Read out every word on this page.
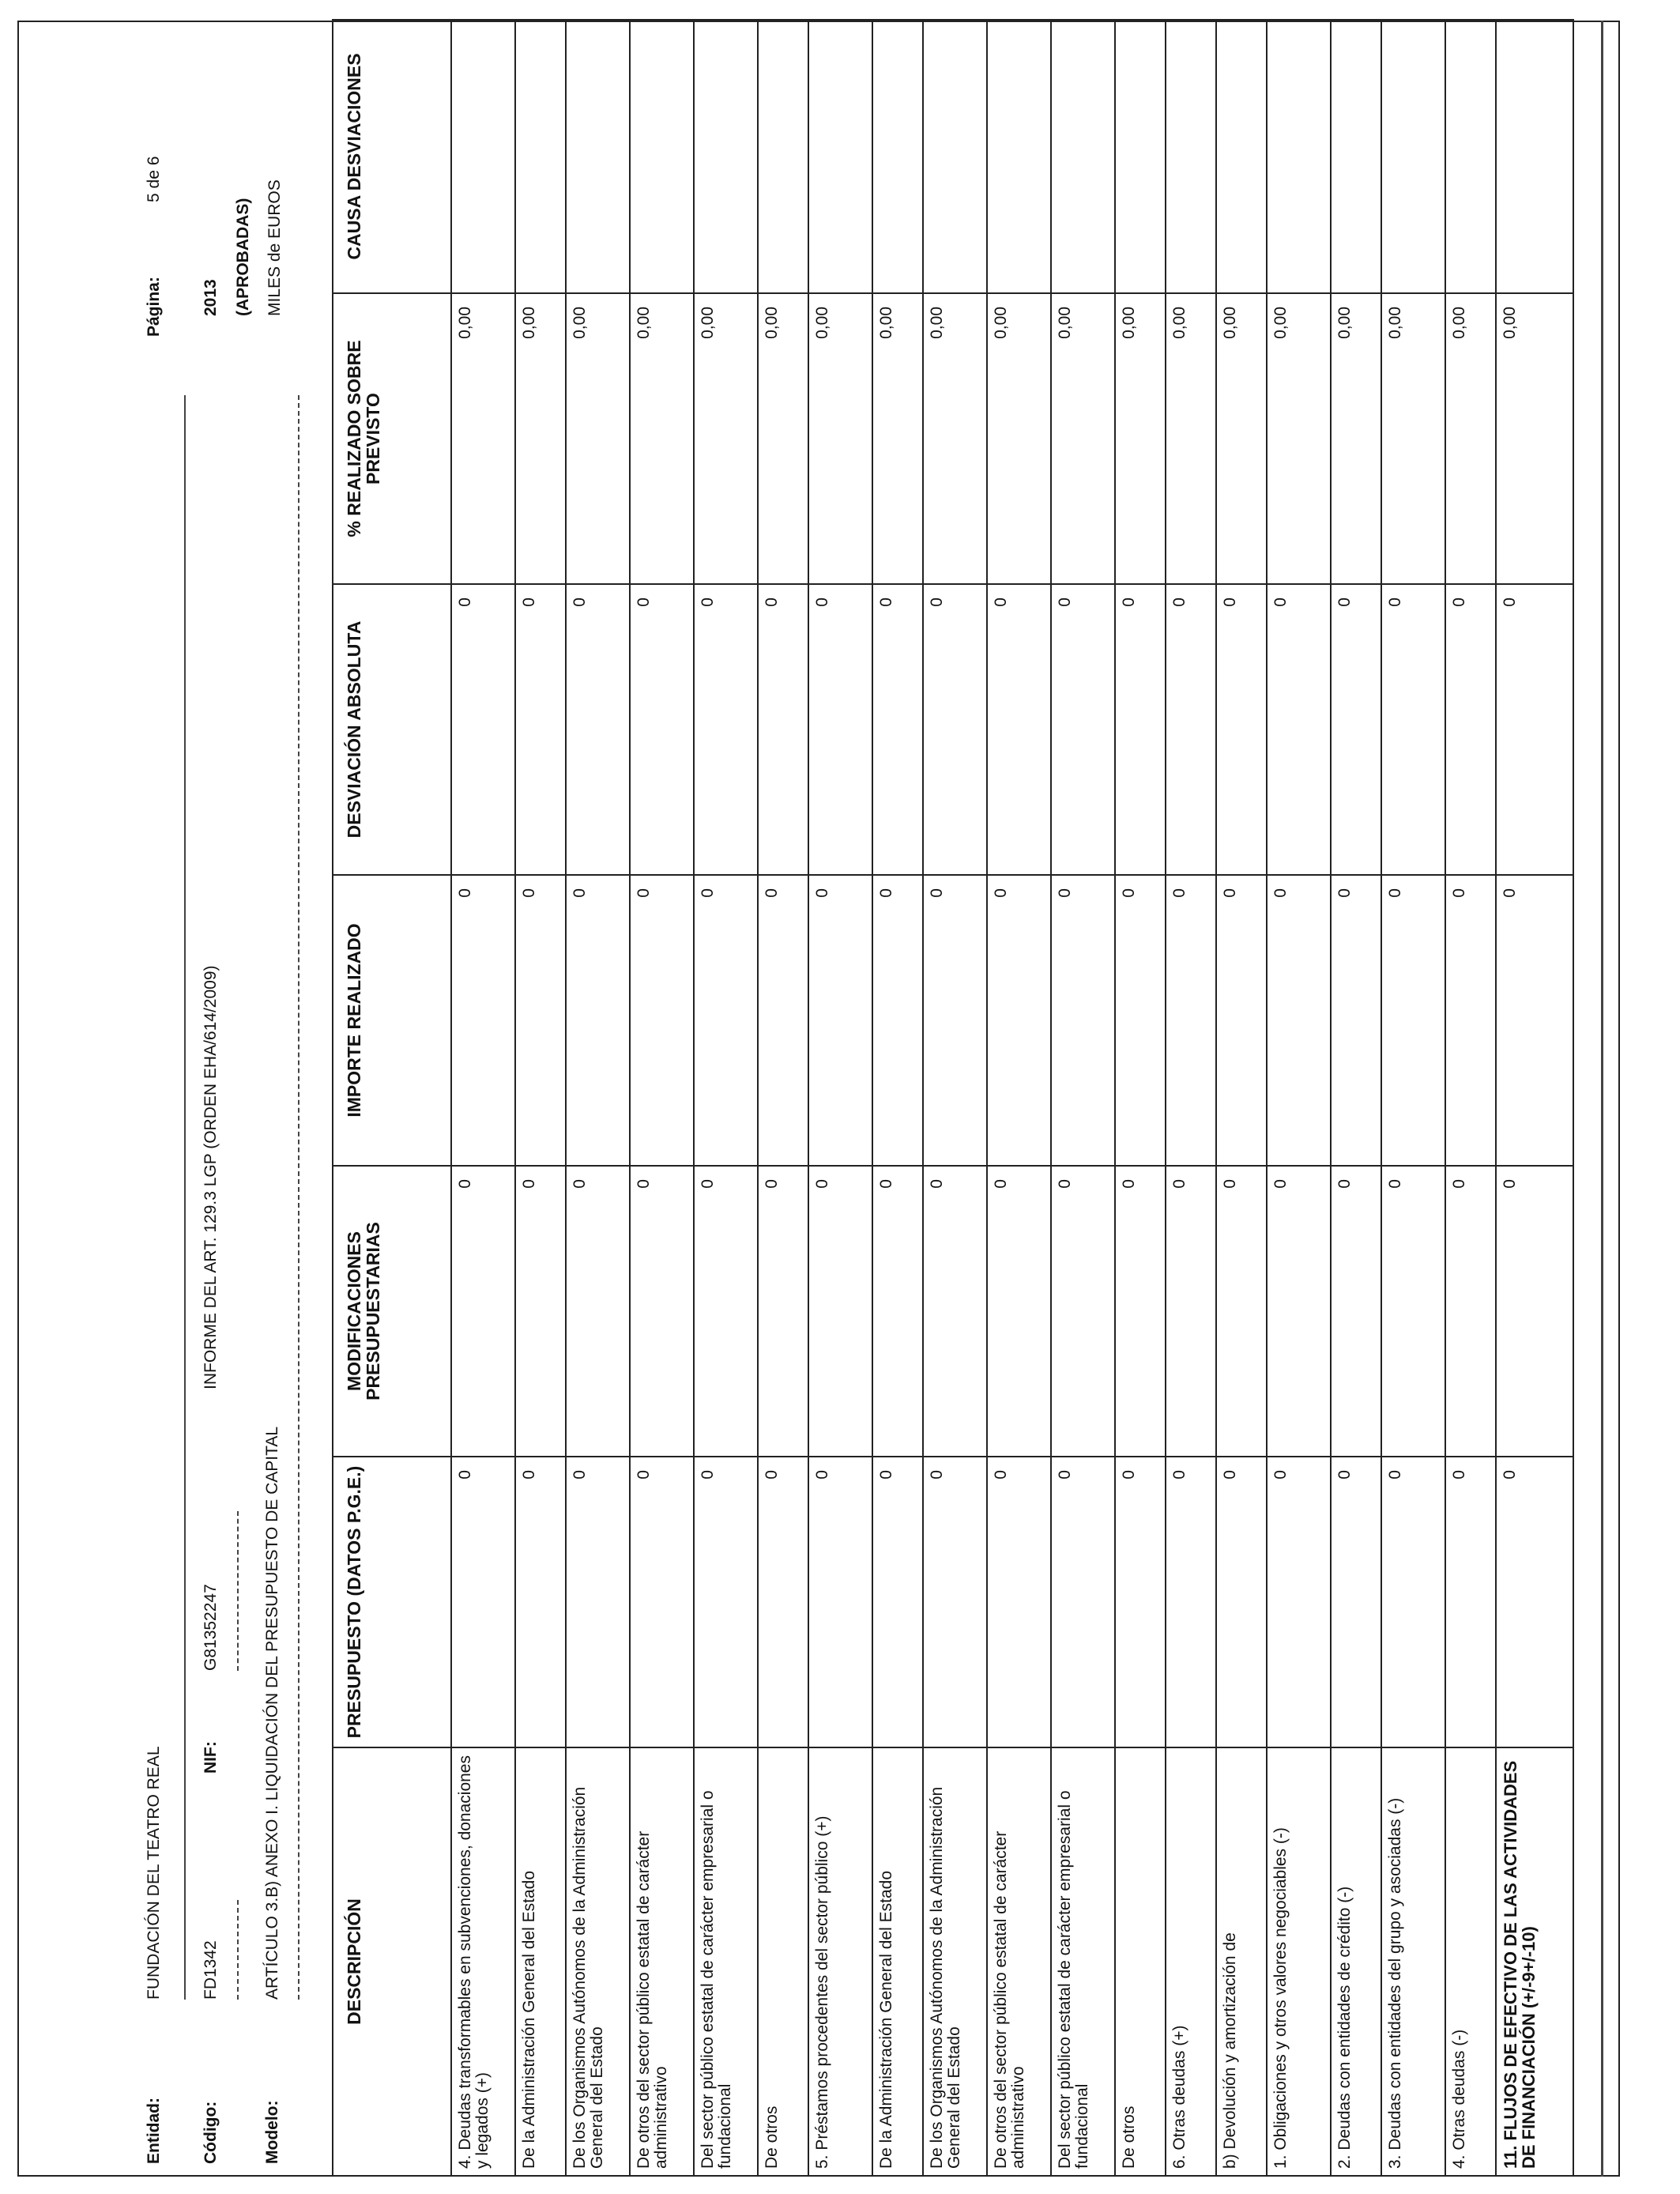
Entidad:
FUNDACIÓN DEL TEATRO REAL
Página:
5 de 6
Código:
FD1342
NIF:
G81352247
INFORME DEL ART. 129.3 LGP (ORDEN EHA/614/2009)
2013 (APROBADAS)
Modelo:
ARTÍCULO 3.B) ANEXO I. LIQUIDACIÓN DEL PRESUPUESTO DE CAPITAL
MILES de EUROS
DESCRIPCIÓN	PRESUPUESTO (DATOS P.G.E.)	MODIFICACIONES PRESUPUESTARIAS	IMPORTE REALIZADO	DESVIACIÓN ABSOLUTA	% REALIZADO SOBRE PREVISTO	CAUSA DESVIACIONES
4. Deudas transformables en subvenciones, donaciones y legados (+)	0	0	0	0	0,00	
De la Administración General del Estado	0	0	0	0	0,00	
De los Organismos Autónomos de la Administración General del Estado	0	0	0	0	0,00	
De otros del sector público estatal de carácter administrativo	0	0	0	0	0,00	
Del sector público estatal de carácter empresarial o fundacional	0	0	0	0	0,00	
De otros	0	0	0	0	0,00	
5. Préstamos procedentes del sector público (+)	0	0	0	0	0,00	
De la Administración General del Estado	0	0	0	0	0,00	
De los Organismos Autónomos de la Administración General del Estado	0	0	0	0	0,00	
De otros del sector público estatal de carácter administrativo	0	0	0	0	0,00	
Del sector público estatal de carácter empresarial o fundacional	0	0	0	0	0,00	
De otros	0	0	0	0	0,00	
6. Otras deudas (+)	0	0	0	0	0,00	
b) Devolución y amortización de	0	0	0	0	0,00	
1. Obligaciones y otros valores negociables (-)	0	0	0	0	0,00	
2. Deudas con entidades de crédito (-)	0	0	0	0	0,00	
3. Deudas con entidades del grupo y asociadas (-)	0	0	0	0	0,00	
4. Otras deudas (-)	0	0	0	0	0,00	
11. FLUJOS DE EFECTIVO DE LAS ACTIVIDADES DE FINANCIACIÓN (+/-9+/-10)	0	0	0	0	0,00	
